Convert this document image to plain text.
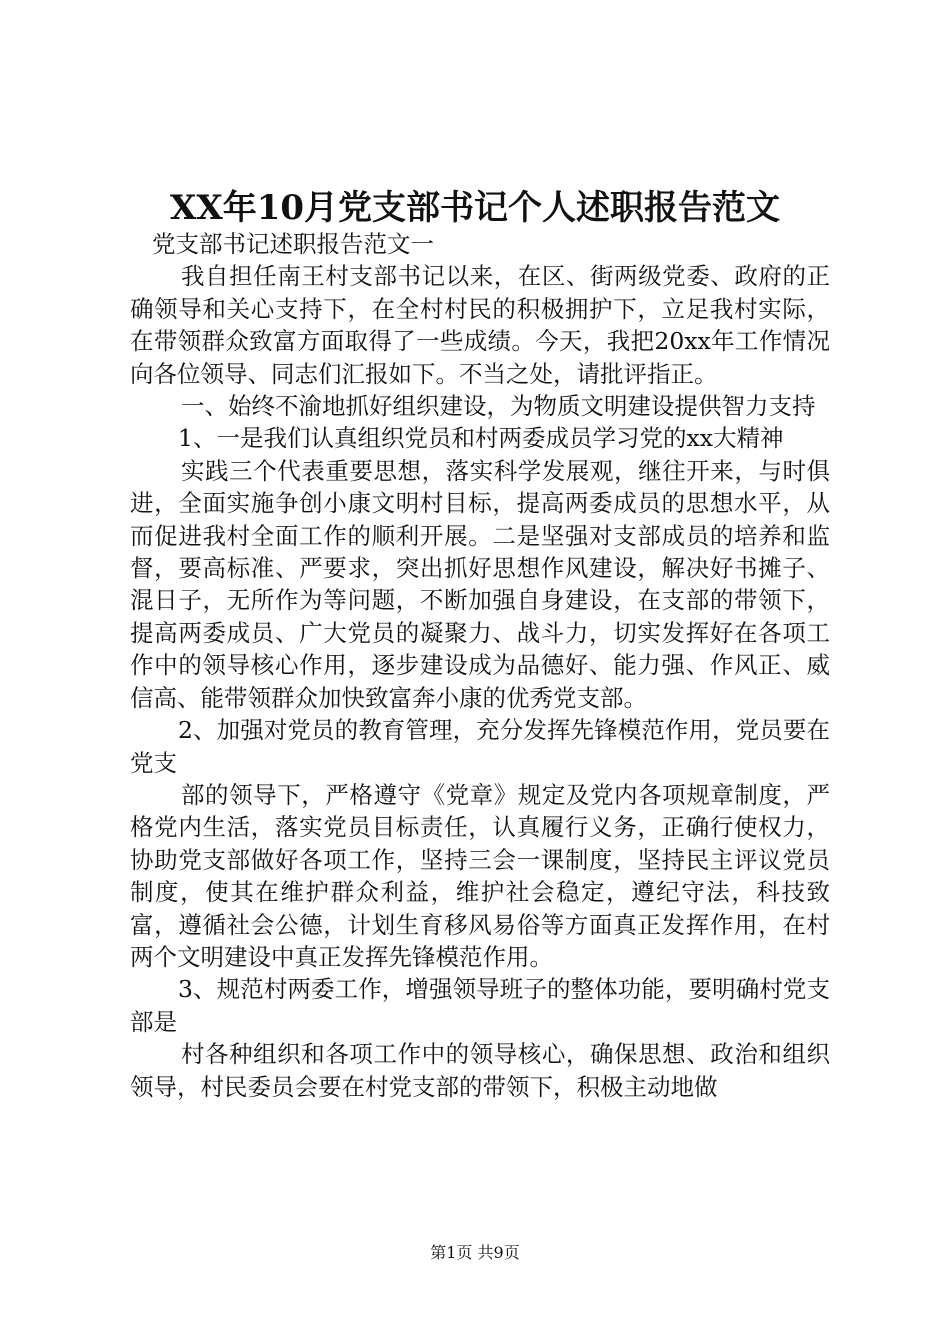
XX年10月党支部书记个人述职报告范文

党支部书记述职报告范文一

我自担任南王村支部书记以来，在区、街两级党委、政府的正确领导和关心支持下，在全村村民的积极拥护下，立足我村实际，在带领群众致富方面取得了一些成绩。今天，我把20xx年工作情况向各位领导、同志们汇报如下。不当之处，请批评指正。

一、始终不渝地抓好组织建设，为物质文明建设提供智力支持

1、一是我们认真组织党员和村两委成员学习党的xx大精神

实践三个代表重要思想，落实科学发展观，继往开来，与时俱进，全面实施争创小康文明村目标，提高两委成员的思想水平，从而促进我村全面工作的顺利开展。二是坚强对支部成员的培养和监督，要高标准、严要求，突出抓好思想作风建设，解决好书摊子、混日子，无所作为等问题，不断加强自身建设，在支部的带领下，提高两委成员、广大党员的凝聚力、战斗力，切实发挥好在各项工作中的领导核心作用，逐步建设成为品德好、能力强、作风正、威信高、能带领群众加快致富奔小康的优秀党支部。

2、加强对党员的教育管理，充分发挥先锋模范作用，党员要在党支

部的领导下，严格遵守《党章》规定及党内各项规章制度，严格党内生活，落实党员目标责任，认真履行义务，正确行使权力，协助党支部做好各项工作，坚持三会一课制度，坚持民主评议党员制度，使其在维护群众利益，维护社会稳定，遵纪守法，科技致富，遵循社会公德，计划生育移风易俗等方面真正发挥作用，在村两个文明建设中真正发挥先锋模范作用。

3、规范村两委工作，增强领导班子的整体功能，要明确村党支部是

村各种组织和各项工作中的领导核心，确保思想、政治和组织领导，村民委员会要在村党支部的带领下，积极主动地做

第1页 共9页
